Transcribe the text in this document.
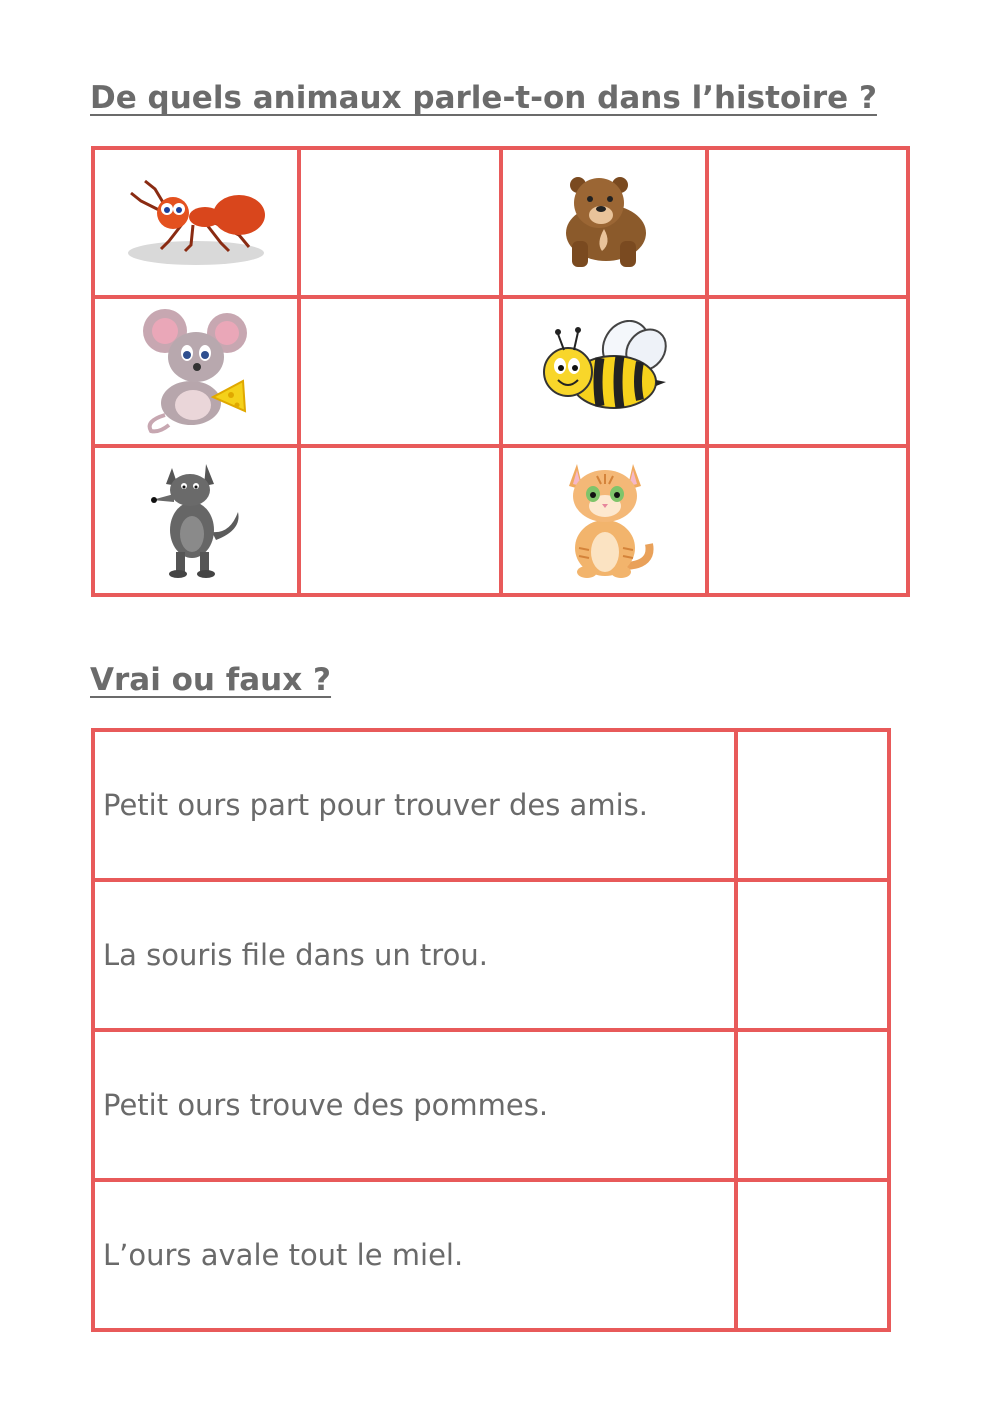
De quels animaux parle-t-on dans l’histoire ?

Vrai ou faux ?
Petit ours part pour trouver des amis.	
La souris file dans un trou.	
Petit ours trouve des pommes.	
L’ours avale tout le miel.	
